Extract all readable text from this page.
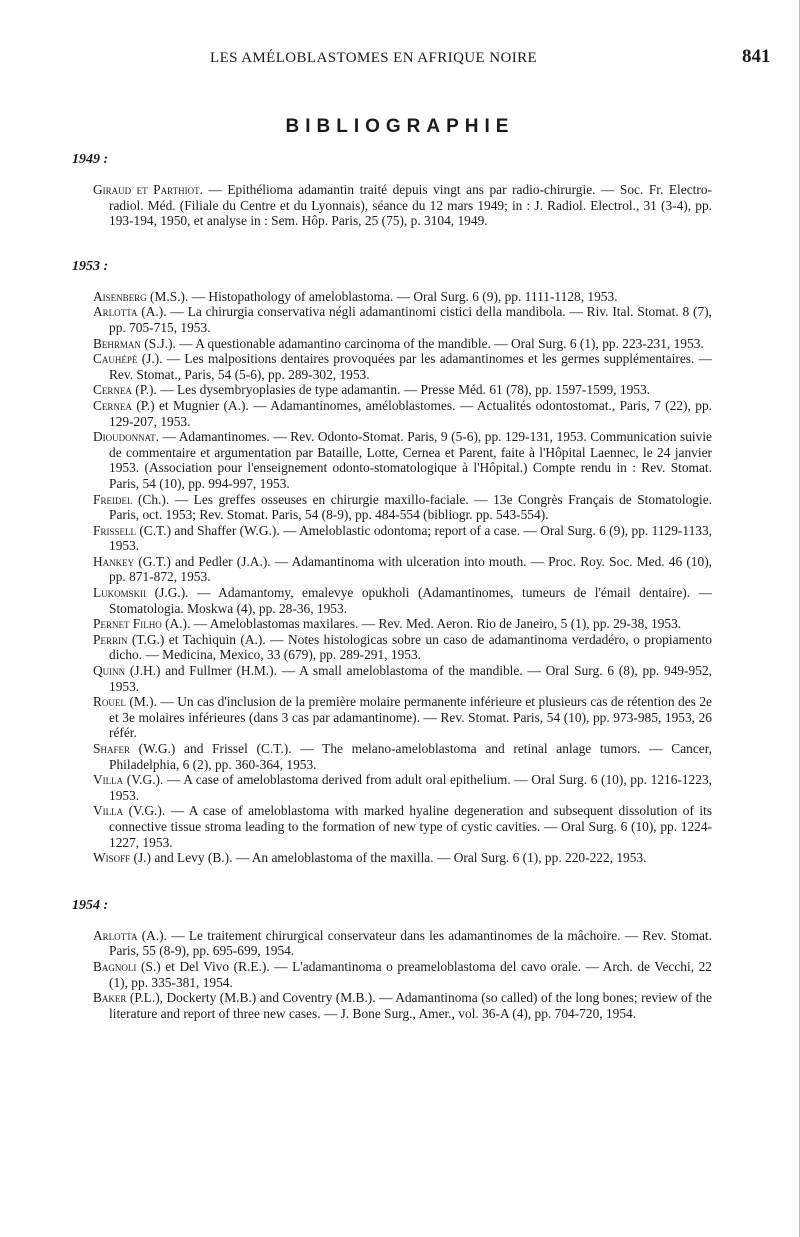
LES AMÉLOBLASTOMES EN AFRIQUE NOIRE	841
BIBLIOGRAPHIE

1949 :

Giraud et Parthiot. — Epithélioma adamantin traité depuis vingt ans par radio-chirurgie. — Soc. Fr. Electro-radiol. Méd. (Filiale du Centre et du Lyonnais), séance du 12 mars 1949; in : J. Radiol. Electrol., 31 (3-4), pp. 193-194, 1950, et analyse in : Sem. Hôp. Paris, 25 (75), p. 3104, 1949.

1953 :

Aisenberg (M.S.). — Histopathology of ameloblastoma. — Oral Surg. 6 (9), pp. 1111-1128, 1953.

Arlotta (A.). — La chirurgia conservativa négli adamantinomi cistici della mandibola. — Riv. Ital. Stomat. 8 (7), pp. 705-715, 1953.

Behrman (S.J.). — A questionable adamantino carcinoma of the mandible. — Oral Surg. 6 (1), pp. 223-231, 1953.

Cauhépé (J.). — Les malpositions dentaires provoquées par les adamantinomes et les germes supplémentaires. — Rev. Stomat., Paris, 54 (5-6), pp. 289-302, 1953.

Cernea (P.). — Les dysembryoplasies de type adamantin. — Presse Méd. 61 (78), pp. 1597-1599, 1953.

Cernea (P.) et Mugnier (A.). — Adamantinomes, améloblastomes. — Actualités odontostomat., Paris, 7 (22), pp. 129-207, 1953.

Dioudonnat. — Adamantinomes. — Rev. Odonto-Stomat. Paris, 9 (5-6), pp. 129-131, 1953. Communication suivie de commentaire et argumentation par Bataille, Lotte, Cernea et Parent, faite à l'Hôpital Laennec, le 24 janvier 1953. (Association pour l'enseignement odonto-stomatologique à l'Hôpital.) Compte rendu in : Rev. Stomat. Paris, 54 (10), pp. 994-997, 1953.

Freidel (Ch.). — Les greffes osseuses en chirurgie maxillo-faciale. — 13e Congrès Français de Stomatologie. Paris, oct. 1953; Rev. Stomat. Paris, 54 (8-9), pp. 484-554 (bibliogr. pp. 543-554).

Frissell (C.T.) and Shaffer (W.G.). — Ameloblastic odontoma; report of a case. — Oral Surg. 6 (9), pp. 1129-1133, 1953.

Hankey (G.T.) and Pedler (J.A.). — Adamantinoma with ulceration into mouth. — Proc. Roy. Soc. Med. 46 (10), pp. 871-872, 1953.

Lukomskii (J.G.). — Adamantomy, emalevye opukholi (Adamantinomes, tumeurs de l'émail dentaire). — Stomatologia. Moskwa (4), pp. 28-36, 1953.

Pernet Filho (A.). — Ameloblastomas maxilares. — Rev. Med. Aeron. Rio de Janeiro, 5 (1), pp. 29-38, 1953.

Perrin (T.G.) et Tachiquin (A.). — Notes histologicas sobre un caso de adamantinoma verdadéro, o propiamento dicho. — Medicina, Mexico, 33 (679), pp. 289-291, 1953.

Quinn (J.H.) and Fullmer (H.M.). — A small ameloblastoma of the mandible. — Oral Surg. 6 (8), pp. 949-952, 1953.

Rouel (M.). — Un cas d'inclusion de la première molaire permanente inférieure et plusieurs cas de rétention des 2e et 3e molaires inférieures (dans 3 cas par adamantinome). — Rev. Stomat. Paris, 54 (10), pp. 973-985, 1953, 26 référ.

Shafer (W.G.) and Frissel (C.T.). — The melano-ameloblastoma and retinal anlage tumors. — Cancer, Philadelphia, 6 (2), pp. 360-364, 1953.

Villa (V.G.). — A case of ameloblastoma derived from adult oral epithelium. — Oral Surg. 6 (10), pp. 1216-1223, 1953.

Villa (V.G.). — A case of ameloblastoma with marked hyaline degeneration and subsequent dissolution of its connective tissue stroma leading to the formation of new type of cystic cavities. — Oral Surg. 6 (10), pp. 1224-1227, 1953.

Wisoff (J.) and Levy (B.). — An ameloblastoma of the maxilla. — Oral Surg. 6 (1), pp. 220-222, 1953.

1954 :

Arlotta (A.). — Le traitement chirurgical conservateur dans les adamantinomes de la mâchoire. — Rev. Stomat. Paris, 55 (8-9), pp. 695-699, 1954.

Bagnoli (S.) et Del Vivo (R.E.). — L'adamantinoma o preameloblastoma del cavo orale. — Arch. de Vecchi, 22 (1), pp. 335-381, 1954.

Baker (P.L.), Dockerty (M.B.) and Coventry (M.B.). — Adamantinoma (so called) of the long bones; review of the literature and report of three new cases. — J. Bone Surg., Amer., vol. 36-A (4), pp. 704-720, 1954.
